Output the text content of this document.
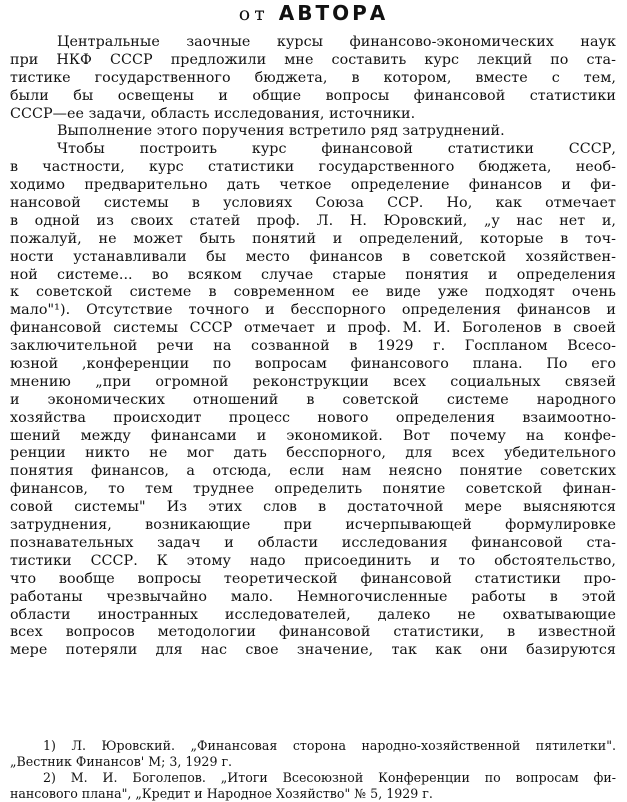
от АВТОРА
Центральные заочные курсы финансово-экономических наук
при НКФ СССР предложили мне составить курс лекций по ста-
тистике государственного бюджета, в котором, вместе с тем,
были бы освещены и общие вопросы финансовой статистики
СССР—ее задачи, область исследования, источники.
Выполнение этого поручения встретило ряд затруднений.
Чтобы построить курс финансовой статистики СССР,
в частности, курс статистики государственного бюджета, необ-
ходимо предварительно дать четкое определение финансов и фи-
нансовой системы в условиях Союза ССР. Но, как отмечает
в одной из своих статей проф. Л. Н. Юровский, „у нас нет и,
пожалуй, не может быть понятий и определений, которые в точ-
ности устанавливали бы место финансов в советской хозяйствен-
ной системе... во всяком случае старые понятия и определения
к советской системе в современном ее виде уже подходят очень
мало"¹). Отсутствие точного и бесспорного определения финансов и
финансовой системы СССР отмечает и проф. М. И. Боголенов в своей
заключительной речи на созванной в 1929 г. Госпланом Всесо-
юзной ,конференции по вопросам финансового плана. По его
мнению „при огромной реконструкции всех социальных связей
и экономических отношений в советской системе народного
хозяйства происходит процесс нового определения взаимоотно-
шений между финансами и экономикой. Вот почему на конфе-
ренции никто не мог дать бесспорного, для всех убедительного
понятия финансов, а отсюда, если нам неясно понятие советских
финансов, то тем труднее определить понятие советской финан-
совой системы" Из этих слов в достаточной мере выясняются
затруднения, возникающие при исчерпывающей формулировке
познавательных задач и области исследования финансовой ста-
тистики СССР. К этому надо присоединить и то обстоятельство,
что вообще вопросы теоретической финансовой статистики про-
работаны чрезвычайно мало. Немногочисленные работы в этой
области иностранных исследователей, далеко не охватывающие
всех вопросов методологии финансовой статистики, в известной
мере потеряли для нас свое значение, так как они базируются
1) Л. Юровский. „Финансовая сторона народно-хозяйственной пятилетки".
„Вестник Финансов' М; 3, 1929 г.
2) М. И. Боголепов. „Итоги Всесоюзной Конференции по вопросам фи-
нансового плана", „Кредит и Народное Хозяйство" № 5, 1929 г.
